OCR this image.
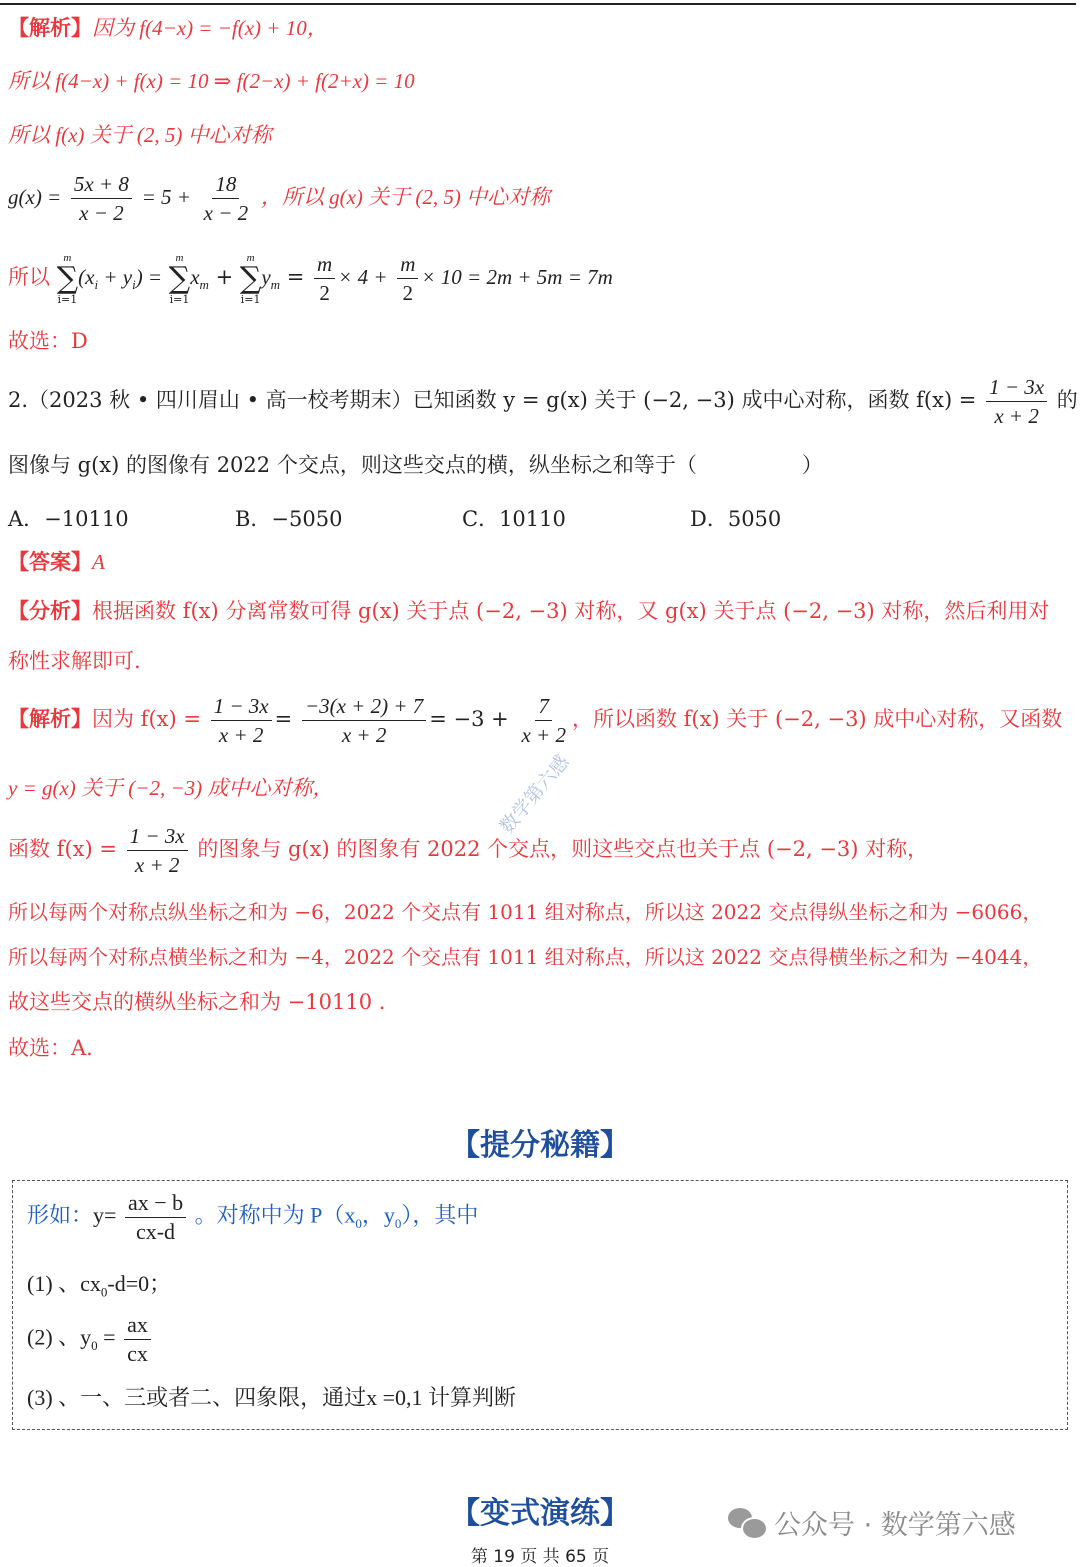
【解析】因为 f(4−x) = −f(x) + 10，
所以 f(4−x) + f(x) = 10 ⇒ f(2−x) + f(2+x) = 10
所以 f(x) 关于 (2, 5) 中心对称
$g(x) = \frac{5x + 8}{x - 2} = 5 + \frac{18}{x - 2}$ ，所以 g(x) 关于 (2, 5) 中心对称
所以
m
∑
i=1
$(x_i + y_i)$ =
m
∑
i=1
$x_m$ +
m
∑
i=1
$y_m = \frac{m}{2} \times 4 + \frac{m}{2} \times 10 = 2m + 5m = 7m$
故选：D
2.（2023 秋 • 四川眉山 • 高一校考期末）已知函数 y = g(x) 关于 (−2, −3) 成中心对称，函数 $f(x) = \frac{1 - 3x}{x + 2}$ 的
图像与 g(x) 的图像有 2022 个交点，则这些交点的横，纵坐标之和等于（　　　　　）
A．−10110	B．−5050	C．10110	D．5050
【答案】A
【分析】根据函数 f(x) 分离常数可得 g(x) 关于点 (−2, −3) 对称，又 g(x) 关于点 (−2, −3) 对称，然后利用对
称性求解即可.
【解析】因为 $f(x) = \frac{1 - 3x}{x + 2} = \frac{-3(x + 2) + 7}{x + 2} = -3 + \frac{7}{x + 2}$ ，所以函数 f(x) 关于 (−2, −3) 成中心对称，又函数
y = g(x) 关于 (−2, −3) 成中心对称，
函数 $f(x) = \frac{1 - 3x}{x + 2}$ 的图象与 g(x) 的图象有 2022 个交点，则这些交点也关于点 (−2, −3) 对称，
所以每两个对称点纵坐标之和为 −6，2022 个交点有 1011 组对称点，所以这 2022 交点得纵坐标之和为 −6066，
所以每两个对称点横坐标之和为 −4，2022 个交点有 1011 组对称点，所以这 2022 交点得横坐标之和为 −4044，
故这些交点的横纵坐标之和为 −10110 .
故选：A.
数学第六感
【提分秘籍】
形如：$y= \frac{ax - b}{cx-d}$ 。对称中为 $P(x_0$，$y_0$），其中
(1) 、$cx_0-d=0$；
(2) 、$y_0 = \frac{ax}{cx}$
(3) 、一、三或者二、四象限，通过x =0,1 计算判断
【变式演练】	公众号 · 数学第六感
第 19 页 共 65 页
